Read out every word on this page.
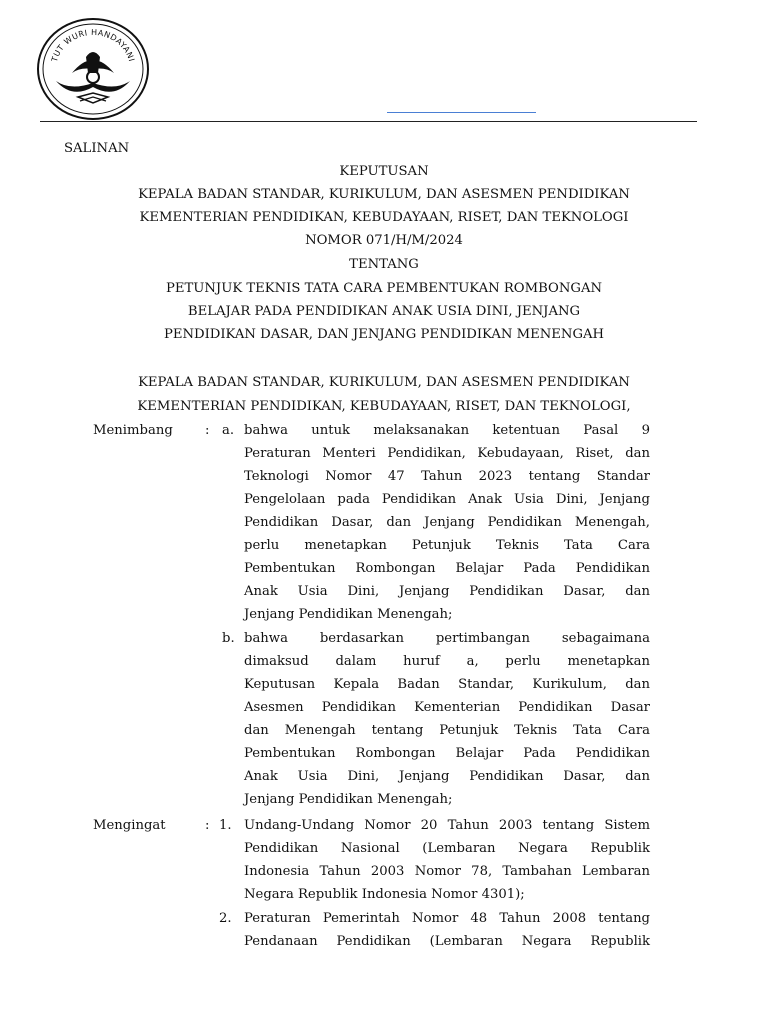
TUT WURI HANDAYANI
SALINAN
KEPUTUSAN
KEPALA BADAN STANDAR, KURIKULUM, DAN ASESMEN PENDIDIKAN
KEMENTERIAN PENDIDIKAN, KEBUDAYAAN, RISET, DAN TEKNOLOGI
NOMOR 071/H/M/2024
TENTANG
PETUNJUK TEKNIS TATA CARA PEMBENTUKAN ROMBONGAN
BELAJAR PADA PENDIDIKAN ANAK USIA DINI, JENJANG
PENDIDIKAN DASAR, DAN JENJANG PENDIDIKAN MENENGAH
KEPALA BADAN STANDAR, KURIKULUM, DAN ASESMEN PENDIDIKAN
KEMENTERIAN PENDIDIKAN, KEBUDAYAAN, RISET, DAN TEKNOLOGI,
Menimbang : a. bahwa untuk melaksanakan ketentuan Pasal 9
Peraturan Menteri Pendidikan, Kebudayaan, Riset, dan
Teknologi Nomor 47 Tahun 2023 tentang Standar
Pengelolaan pada Pendidikan Anak Usia Dini, Jenjang
Pendidikan Dasar, dan Jenjang Pendidikan Menengah,
perlu menetapkan Petunjuk Teknis Tata Cara
Pembentukan Rombongan Belajar Pada Pendidikan
Anak Usia Dini, Jenjang Pendidikan Dasar, dan
Jenjang Pendidikan Menengah;
b. bahwa berdasarkan pertimbangan sebagaimana
dimaksud dalam huruf a, perlu menetapkan
Keputusan Kepala Badan Standar, Kurikulum, dan
Asesmen Pendidikan Kementerian Pendidikan Dasar
dan Menengah tentang Petunjuk Teknis Tata Cara
Pembentukan Rombongan Belajar Pada Pendidikan
Anak Usia Dini, Jenjang Pendidikan Dasar, dan
Jenjang Pendidikan Menengah;
Mengingat	: 1. Undang-Undang Nomor 20 Tahun 2003 tentang Sistem
Pendidikan Nasional (Lembaran Negara Republik
Indonesia Tahun 2003 Nomor 78, Tambahan Lembaran
Negara Republik Indonesia Nomor 4301);
2. Peraturan Pemerintah Nomor 48 Tahun 2008 tentang
Pendanaan Pendidikan (Lembaran Negara Republik
